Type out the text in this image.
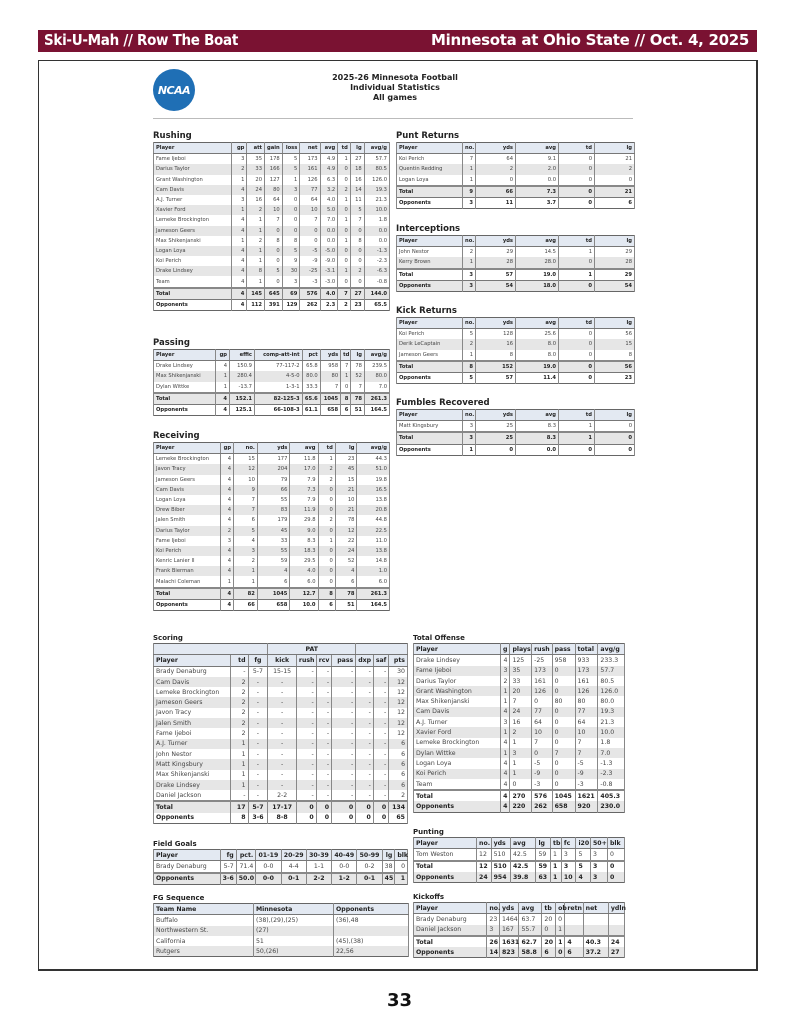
Ski-U-Mah // Row The Boat	Minnesota at Ohio State // Oct. 4, 2025
NCAA
2025-26 Minnesota Football
Individual Statistics
All games
Rushing
Player	gp	att	gain	loss	net	avg	td	lg	avg/g
Fame Ijeboi	3	35	178	5	173	4.9	1	27	57.7
Darius Taylor	2	33	166	5	161	4.9	0	18	80.5
Grant Washington	1	20	127	1	126	6.3	0	16	126.0
Cam Davis	4	24	80	3	77	3.2	2	14	19.3
A.J. Turner	3	16	64	0	64	4.0	1	11	21.3
Xavier Ford	1	2	10	0	10	5.0	0	5	10.0
Lemeke Brockington	4	1	7	0	7	7.0	1	7	1.8
Jameson Geers	4	1	0	0	0	0.0	0	0	0.0
Max Shikenjanski	1	2	8	8	0	0.0	1	8	0.0
Logan Loya	4	1	0	5	-5	-5.0	0	0	-1.3
Koi Perich	4	1	0	9	-9	-9.0	0	0	-2.3
Drake Lindsey	4	8	5	30	-25	-3.1	1	2	-6.3
Team	4	1	0	3	-3	-3.0	0	0	-0.8
Total	4	145	645	69	576	4.0	7	27	144.0
Opponents	4	112	391	129	262	2.3	2	23	65.5
Passing
Player	gp	effic	comp-att-int	pct	yds	td	lg	avg/g
Drake Lindsey	4	150.9	77-117-2	65.8	958	7	78	239.5
Max Shikenjanski	1	280.4	4-5-0	80.0	80	1	52	80.0
Dylan Wittke	1	-13.7	1-3-1	33.3	7	0	7	7.0
Total	4	152.1	82-125-3	65.6	1045	8	78	261.3
Opponents	4	125.1	66-108-3	61.1	658	6	51	164.5
Receiving
Player	gp	no.	yds	avg	td	lg	avg/g
Lemeke Brockington	4	15	177	11.8	1	23	44.3
Javon Tracy	4	12	204	17.0	2	45	51.0
Jameson Geers	4	10	79	7.9	2	15	19.8
Cam Davis	4	9	66	7.3	0	21	16.5
Logan Loya	4	7	55	7.9	0	10	13.8
Drew Biber	4	7	83	11.9	0	21	20.8
Jalen Smith	4	6	179	29.8	2	78	44.8
Darius Taylor	2	5	45	9.0	0	12	22.5
Fame Ijeboi	3	4	33	8.3	1	22	11.0
Koi Perich	4	3	55	18.3	0	24	13.8
Kenric Lanier II	4	2	59	29.5	0	52	14.8
Frank Bierman	4	1	4	4.0	0	4	1.0
Malachi Coleman	1	1	6	6.0	0	6	6.0
Total	4	82	1045	12.7	8	78	261.3
Opponents	4	66	658	10.0	6	51	164.5
Punt Returns
Player	no.	yds	avg	td	lg
Koi Perich	7	64	9.1	0	21
Quentin Redding	1	2	2.0	0	2
Logan Loya	1	0	0.0	0	0
Total	9	66	7.3	0	21
Opponents	3	11	3.7	0	6
Interceptions
Player	no.	yds	avg	td	lg
John Nestor	2	29	14.5	1	29
Kerry Brown	1	28	28.0	0	28
Total	3	57	19.0	1	29
Opponents	3	54	18.0	0	54
Kick Returns
Player	no.	yds	avg	td	lg
Koi Perich	5	128	25.6	0	56
Derik LeCaptain	2	16	8.0	0	15
Jameson Geers	1	8	8.0	0	8
Total	8	152	19.0	0	56
Opponents	5	57	11.4	0	23
Fumbles Recovered
Player	no.	yds	avg	td	lg
Matt Kingsbury	3	25	8.3	1	0
Total	3	25	8.3	1	0
Opponents	1	0	0.0	0	0
Scoring
			PAT						
Player	td	fg	kick	rush	rcv	pass	dxp	saf	pts
Brady Denaburg	-	5-7	15-15	-	-	-	-	-	30
Cam Davis	2	-	-	-	-	-	-	-	12
Lemeke Brockington	2	-	-	-	-	-	-	-	12
Jameson Geers	2	-	-	-	-	-	-	-	12
Javon Tracy	2	-	-	-	-	-	-	-	12
Jalen Smith	2	-	-	-	-	-	-	-	12
Fame Ijeboi	2	-	-	-	-	-	-	-	12
A.J. Turner	1	-	-	-	-	-	-	-	6
John Nestor	1	-	-	-	-	-	-	-	6
Matt Kingsbury	1	-	-	-	-	-	-	-	6
Max Shikenjanski	1	-	-	-	-	-	-	-	6
Drake Lindsey	1	-	-	-	-	-	-	-	6
Daniel Jackson	-	-	2-2	-	-	-	-	-	2
Total	17	5-7	17-17	0	0	0	0	0	134
Opponents	8	3-6	8-8	0	0	0	0	0	65
Total Offense
Player	g	plays	rush	pass	total	avg/g
Drake Lindsey	4	125	-25	958	933	233.3
Fame Ijeboi	3	35	173	0	173	57.7
Darius Taylor	2	33	161	0	161	80.5
Grant Washington	1	20	126	0	126	126.0
Max Shikenjanski	1	7	0	80	80	80.0
Cam Davis	4	24	77	0	77	19.3
A.J. Turner	3	16	64	0	64	21.3
Xavier Ford	1	2	10	0	10	10.0
Lemeke Brockington	4	1	7	0	7	1.8
Dylan Wittke	1	3	0	7	7	7.0
Logan Loya	4	1	-5	0	-5	-1.3
Koi Perich	4	1	-9	0	-9	-2.3
Team	4	0	-3	0	-3	-0.8
Total	4	270	576	1045	1621	405.3
Opponents	4	220	262	658	920	230.0
Field Goals
Player	fg	pct.	01-19	20-29	30-39	40-49	50-99	lg	blk
Brady Denaburg	5-7	71.4	0-0	4-4	1-1	0-0	0-2	38	0
Opponents	3-6	50.0	0-0	0-1	2-2	1-2	0-1	45	1
Punting
Player	no.	yds	avg	lg	tb	fc	i20	50+	blk
Tom Weston	12	510	42.5	59	1	3	5	3	0
Total	12	510	42.5	59	1	3	5	3	0
Opponents	24	954	39.8	63	1	10	4	3	0
FG Sequence
Team Name	Minnesota	Opponents
Buffalo	(38),(29),(25)	(36),48
Northwestern St.	(27)	
California	51	(45),(38)
Rutgers	50,(26)	22,56
Kickoffs
Player	no.	yds	avg	tb	ob	retn	net	ydln
Brady Denaburg	23	1464	63.7	20	0			
Daniel Jackson	3	167	55.7	0	1			
Total	26	1631	62.7	20	1	4	40.3	24
Opponents	14	823	58.8	6	0	6	37.2	27
33
